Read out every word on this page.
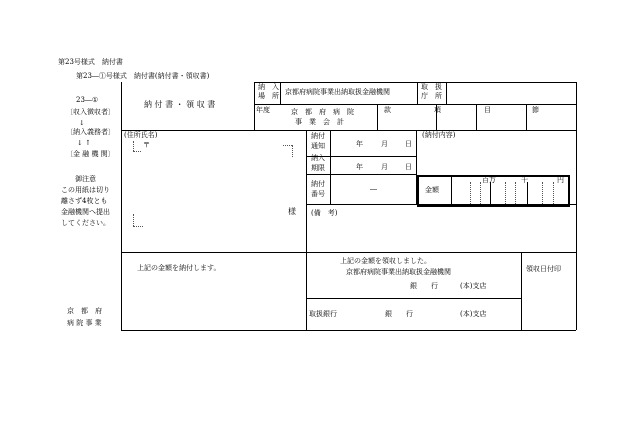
第23号様式　納付書
第23―①号様式　納付書(納付書・領収書)
23―①
〔収入徴収者〕
↓
〔納入義務者〕
↓ ↑
〔金 融 機 関〕
御注意
この用紙は切り
離さず4枚とも
金融機関へ提出
してください。
京　都　府
病 院 事 業
納 付 書 ・ 領 収 書
納　入
場　所 京都府病院事業出納取扱金融機関
取　扱
庁　所
年度	京　都　府　病　院
事　業　会　計
款	項	目	節
(住所氏名)
〒
様
納付
通知	年	月 日
納入
期限	年	月 日
納付
番号
―
(納付内容)
金額
百万	千	円
(備　考)
上記の金額を納付します。
上記の金額を領収しました。
京都府病院事業出納取扱金融機関
銀　　行	(本)支店
取扱銀行	銀　　行	(本)支店
領収日付印
